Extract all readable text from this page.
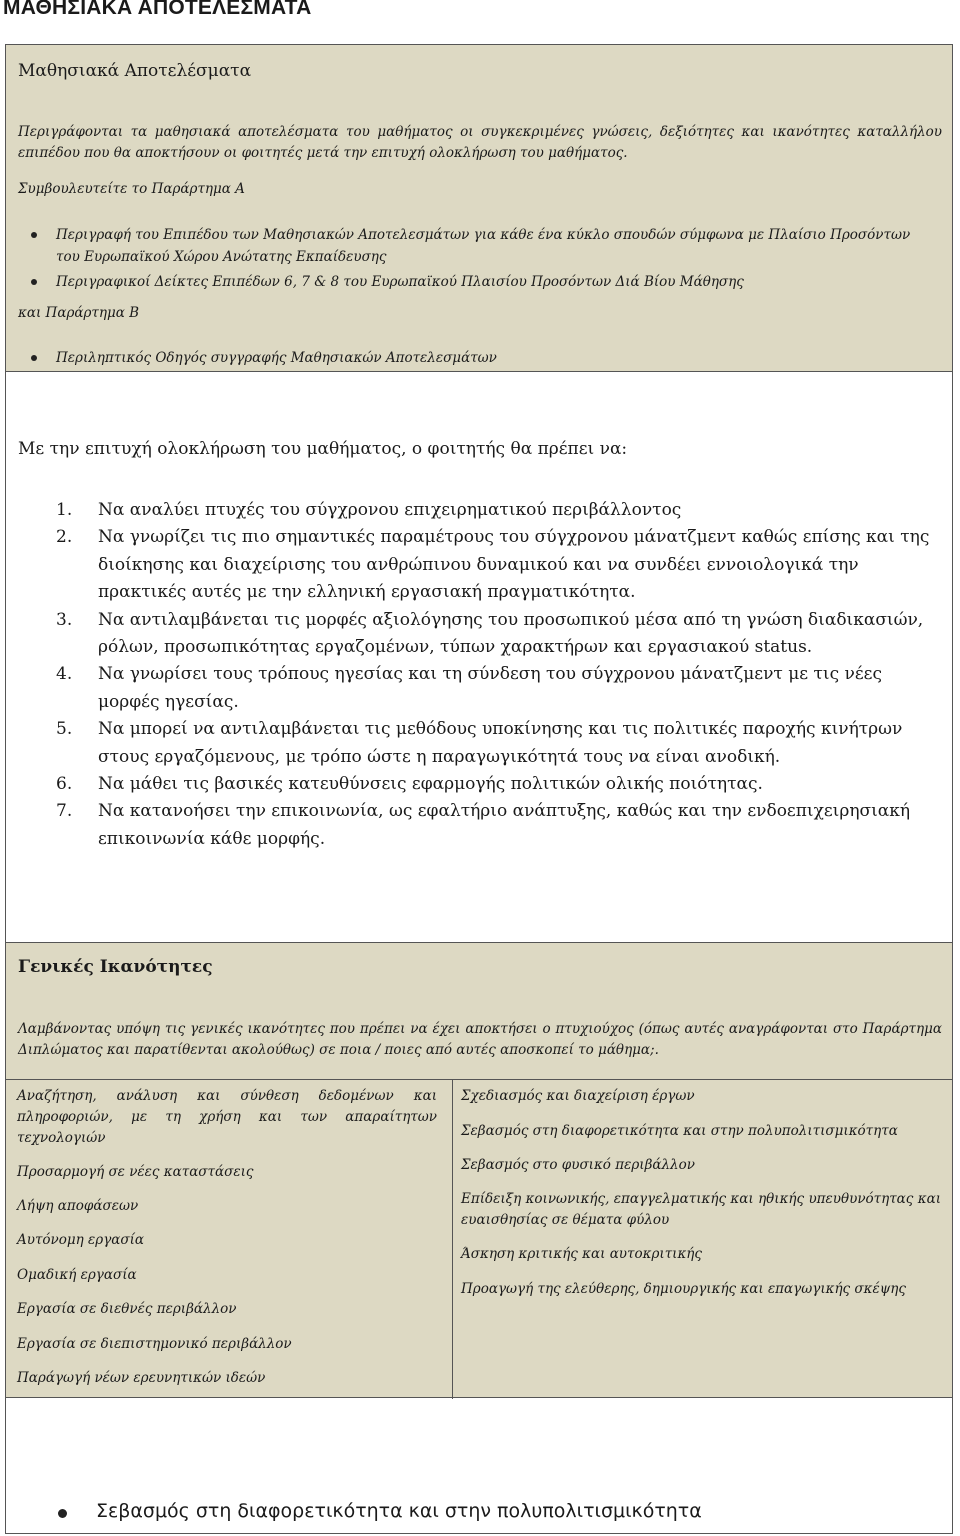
ΜΑΘΗΣΙΑΚΑ ΑΠΟΤΕΛΕΣΜΑΤΑ
Μαθησιακά Αποτελέσματα

Περιγράφονται τα μαθησιακά αποτελέσματα του μαθήματος οι συγκεκριμένες γνώσεις, δεξιότητες και ικανότητες καταλλήλου επιπέδου που θα αποκτήσουν οι φοιτητές μετά την επιτυχή ολοκλήρωση του μαθήματος.

Συμβουλευτείτε το Παράρτημα Α

Περιγραφή του Επιπέδου των Μαθησιακών Αποτελεσμάτων για κάθε ένα κύκλο σπουδών σύμφωνα με Πλαίσιο Προσόντων του Ευρωπαϊκού Χώρου Ανώτατης Εκπαίδευσης
Περιγραφικοί Δείκτες Επιπέδων 6, 7 & 8 του Ευρωπαϊκού Πλαισίου Προσόντων Διά Βίου Μάθησης

και Παράρτημα Β

Περιληπτικός Οδηγός συγγραφής Μαθησιακών Αποτελεσμάτων

Με την επιτυχή ολοκλήρωση του μαθήματος, ο φοιτητής θα πρέπει να:

1. Να αναλύει πτυχές του σύγχρονου επιχειρηματικού περιβάλλοντος
2. Να γνωρίζει τις πιο σημαντικές παραμέτρους του σύγχρονου μάνατζμεντ καθώς επίσης και της διοίκησης και διαχείρισης του ανθρώπινου δυναμικού και να συνδέει εννοιολογικά την πρακτικές αυτές με την ελληνική εργασιακή πραγματικότητα.
3. Να αντιλαμβάνεται τις μορφές αξιολόγησης του προσωπικού μέσα από τη γνώση διαδικασιών, ρόλων, προσωπικότητας εργαζομένων, τύπων χαρακτήρων και εργασιακού status.
4. Να γνωρίσει τους τρόπους ηγεσίας και τη σύνδεση του σύγχρονου μάνατζμεντ με τις νέες μορφές ηγεσίας.
5. Να μπορεί να αντιλαμβάνεται τις μεθόδους υποκίνησης και τις πολιτικές παροχής κινήτρων στους εργαζόμενους, με τρόπο ώστε η παραγωγικότητά τους να είναι ανοδική.
6. Να μάθει τις βασικές κατευθύνσεις εφαρμογής πολιτικών ολικής ποιότητας.
7. Να κατανοήσει την επικοινωνία, ως εφαλτήριο ανάπτυξης, καθώς και την ενδοεπιχειρησιακή επικοινωνία κάθε μορφής.
Γενικές Ικανότητες

Λαμβάνοντας υπόψη τις γενικές ικανότητες που πρέπει να έχει αποκτήσει ο πτυχιούχος (όπως αυτές αναγράφονται στο Παράρτημα Διπλώματος και παρατίθενται ακολούθως) σε ποια / ποιες από αυτές αποσκοπεί το μάθημα;.

Αναζήτηση, ανάλυση και σύνθεση δεδομένων και πληροφοριών, με τη χρήση και των απαραίτητων τεχνολογιών
Προσαρμογή σε νέες καταστάσεις
Λήψη αποφάσεων
Αυτόνομη εργασία
Ομαδική εργασία
Εργασία σε διεθνές περιβάλλον
Εργασία σε διεπιστημονικό περιβάλλον
Παράγωγή νέων ερευνητικών ιδεών
Σχεδιασμός και διαχείριση έργων
Σεβασμός στη διαφορετικότητα και στην πολυπολιτισμικότητα
Σεβασμός στο φυσικό περιβάλλον
Επίδειξη κοινωνικής, επαγγελματικής και ηθικής υπευθυνότητας και ευαισθησίας σε θέματα φύλου
Άσκηση κριτικής και αυτοκριτικής
Προαγωγή της ελεύθερης, δημιουργικής και επαγωγικής σκέψης
Σεβασμός στη διαφορετικότητα και στην πολυπολιτισμικότητα
